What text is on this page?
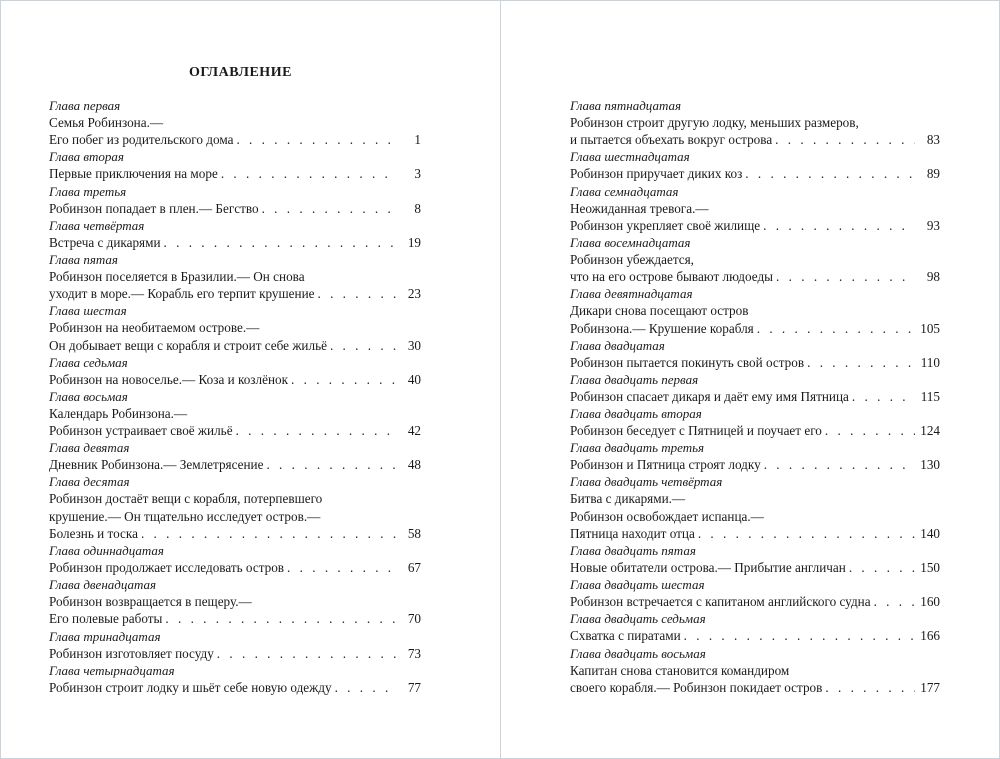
ОГЛАВЛЕНИЕ
Глава первая
Семья Робинзона.—
Его побег из родительского дома . . .	1
Глава вторая
Первые приключения на море . . .	3
Глава третья
Робинзон попадает в плен.— Бегство . . .	8
Глава четвёртая
Встреча с дикарями . . .	19
Глава пятая
Робинзон поселяется в Бразилии.— Он снова
уходит в море.— Корабль его терпит крушение . . .	23
Глава шестая
Робинзон на необитаемом острове.—
Он добывает вещи с корабля и строит себе жильё . . .	30
Глава седьмая
Робинзон на новоселье.— Коза и козлёнок . . .	40
Глава восьмая
Календарь Робинзона.—
Робинзон устраивает своё жильё . . .	42
Глава девятая
Дневник Робинзона.— Землетрясение . . .	48
Глава десятая
Робинзон достаёт вещи с корабля, потерпевшего
крушение.— Он тщательно исследует остров.—
Болезнь и тоска . . .	58
Глава одиннадцатая
Робинзон продолжает исследовать остров . . .	67
Глава двенадцатая
Робинзон возвращается в пещеру.—
Его полевые работы . . .	70
Глава тринадцатая
Робинзон изготовляет посуду . . .	73
Глава четырнадцатая
Робинзон строит лодку и шьёт себе новую одежду . . .	77
Глава пятнадцатая
Робинзон строит другую лодку, меньших размеров,
и пытается объехать вокруг острова . . .	83
Глава шестнадцатая
Робинзон приручает диких коз . . .	89
Глава семнадцатая
Неожиданная тревога.—
Робинзон укрепляет своё жилище . . .	93
Глава восемнадцатая
Робинзон убеждается,
что на его острове бывают людоеды . . .	98
Глава девятнадцатая
Дикари снова посещают остров
Робинзона.— Крушение корабля . . .	105
Глава двадцатая
Робинзон пытается покинуть свой остров . . .	110
Глава двадцать первая
Робинзон спасает дикаря и даёт ему имя Пятница . . .	115
Глава двадцать вторая
Робинзон беседует с Пятницей и поучает его . . .	124
Глава двадцать третья
Робинзон и Пятница строят лодку . . .	130
Глава двадцать четвёртая
Битва с дикарями.—
Робинзон освобождает испанца.—
Пятница находит отца . . .	140
Глава двадцать пятая
Новые обитатели острова.— Прибытие англичан . . .	150
Глава двадцать шестая
Робинзон встречается с капитаном английского судна . . .	160
Глава двадцать седьмая
Схватка с пиратами . . .	166
Глава двадцать восьмая
Капитан снова становится командиром
своего корабля.— Робинзон покидает остров . . .	177
